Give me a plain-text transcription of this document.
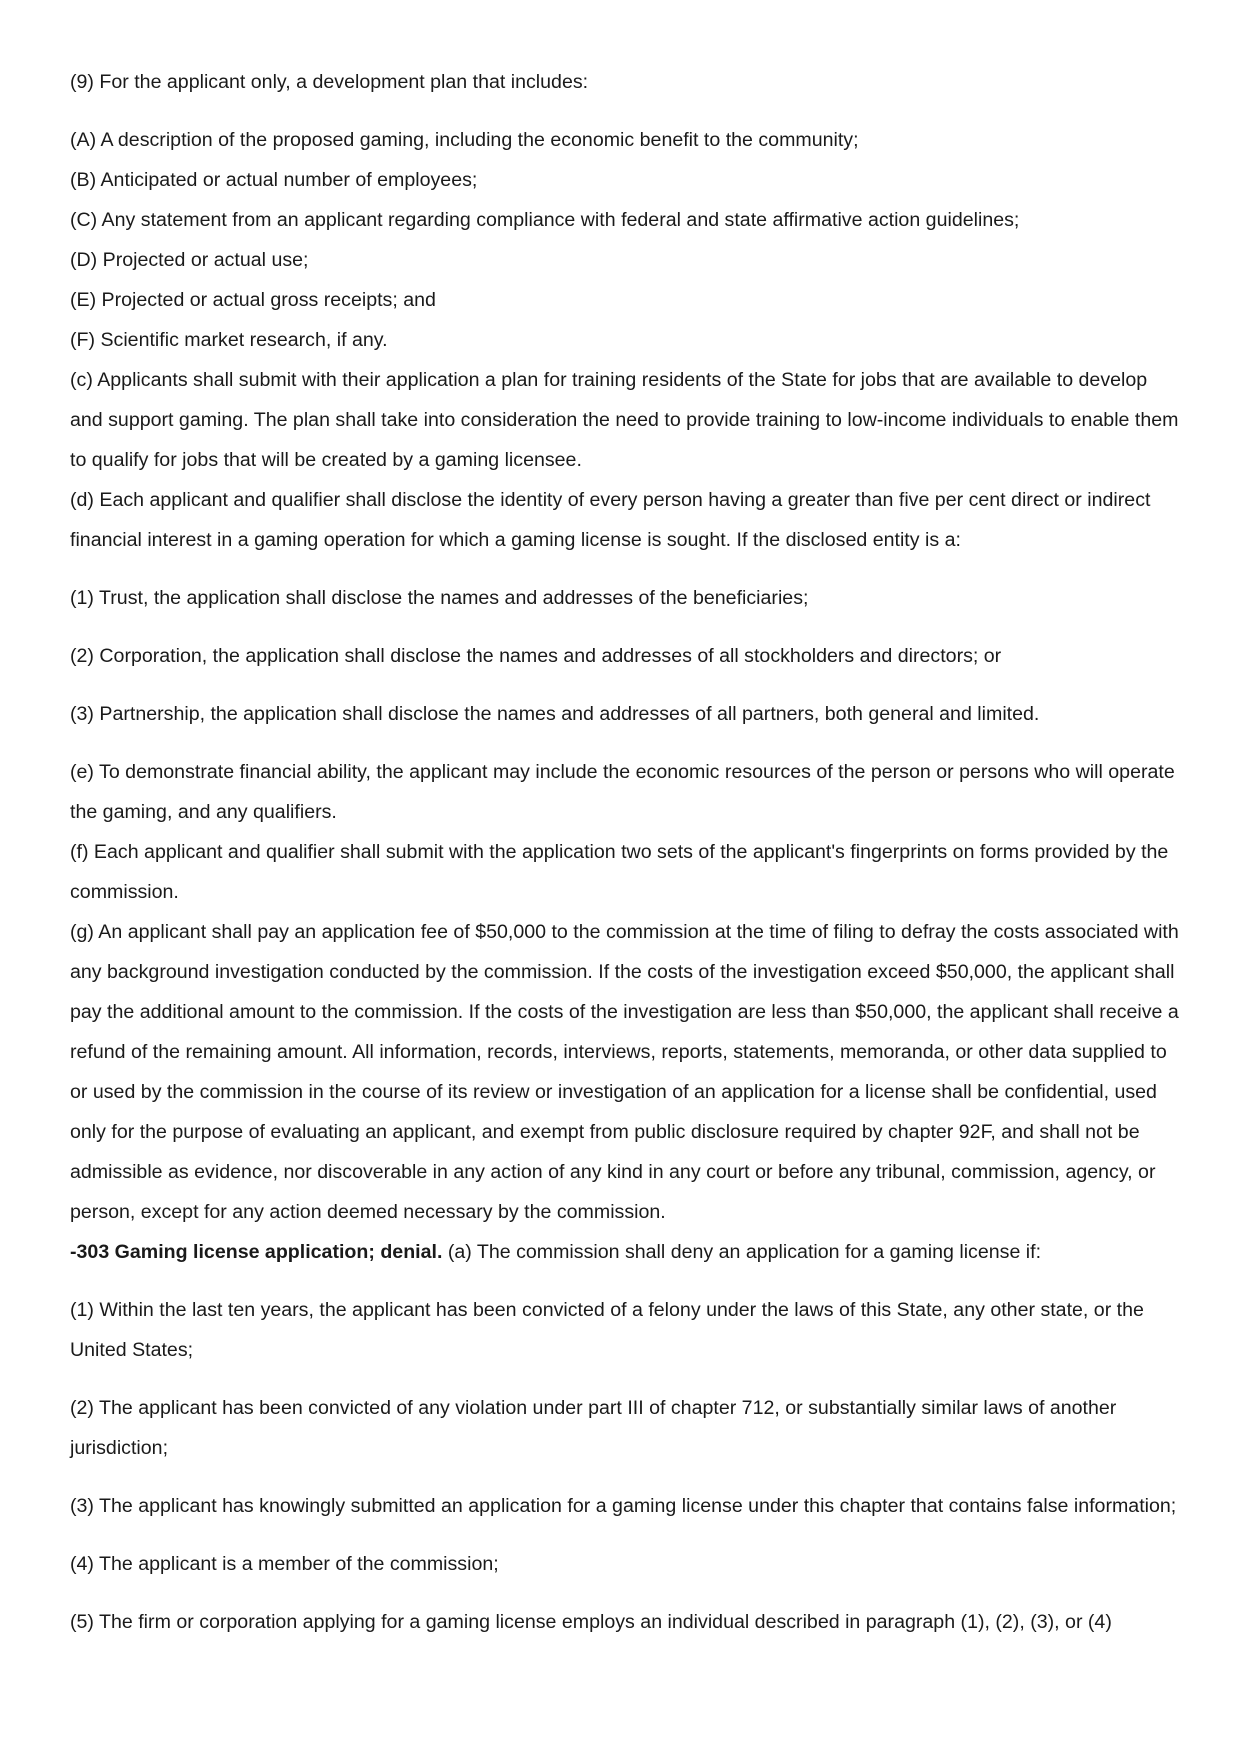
(9) For the applicant only, a development plan that includes:

(A) A description of the proposed gaming, including the economic benefit to the community;

(B) Anticipated or actual number of employees;

(C) Any statement from an applicant regarding compliance with federal and state affirmative action guidelines;

(D) Projected or actual use;

(E) Projected or actual gross receipts; and

(F) Scientific market research, if any.

(c) Applicants shall submit with their application a plan for training residents of the State for jobs that are available to develop and support gaming. The plan shall take into consideration the need to provide training to low-income individuals to enable them to qualify for jobs that will be created by a gaming licensee.

(d) Each applicant and qualifier shall disclose the identity of every person having a greater than five per cent direct or indirect financial interest in a gaming operation for which a gaming license is sought. If the disclosed entity is a:

(1) Trust, the application shall disclose the names and addresses of the beneficiaries;

(2) Corporation, the application shall disclose the names and addresses of all stockholders and directors; or

(3) Partnership, the application shall disclose the names and addresses of all partners, both general and limited.

(e) To demonstrate financial ability, the applicant may include the economic resources of the person or persons who will operate the gaming, and any qualifiers.

(f) Each applicant and qualifier shall submit with the application two sets of the applicant's fingerprints on forms provided by the commission.

(g) An applicant shall pay an application fee of $50,000 to the commission at the time of filing to defray the costs associated with any background investigation conducted by the commission. If the costs of the investigation exceed $50,000, the applicant shall pay the additional amount to the commission. If the costs of the investigation are less than $50,000, the applicant shall receive a refund of the remaining amount. All information, records, interviews, reports, statements, memoranda, or other data supplied to or used by the commission in the course of its review or investigation of an application for a license shall be confidential, used only for the purpose of evaluating an applicant, and exempt from public disclosure required by chapter 92F, and shall not be admissible as evidence, nor discoverable in any action of any kind in any court or before any tribunal, commission, agency, or person, except for any action deemed necessary by the commission.

-303 Gaming license application; denial. (a) The commission shall deny an application for a gaming license if:

(1) Within the last ten years, the applicant has been convicted of a felony under the laws of this State, any other state, or the United States;

(2) The applicant has been convicted of any violation under part III of chapter 712, or substantially similar laws of another jurisdiction;

(3) The applicant has knowingly submitted an application for a gaming license under this chapter that contains false information;

(4) The applicant is a member of the commission;

(5) The firm or corporation applying for a gaming license employs an individual described in paragraph (1), (2), (3), or (4)
